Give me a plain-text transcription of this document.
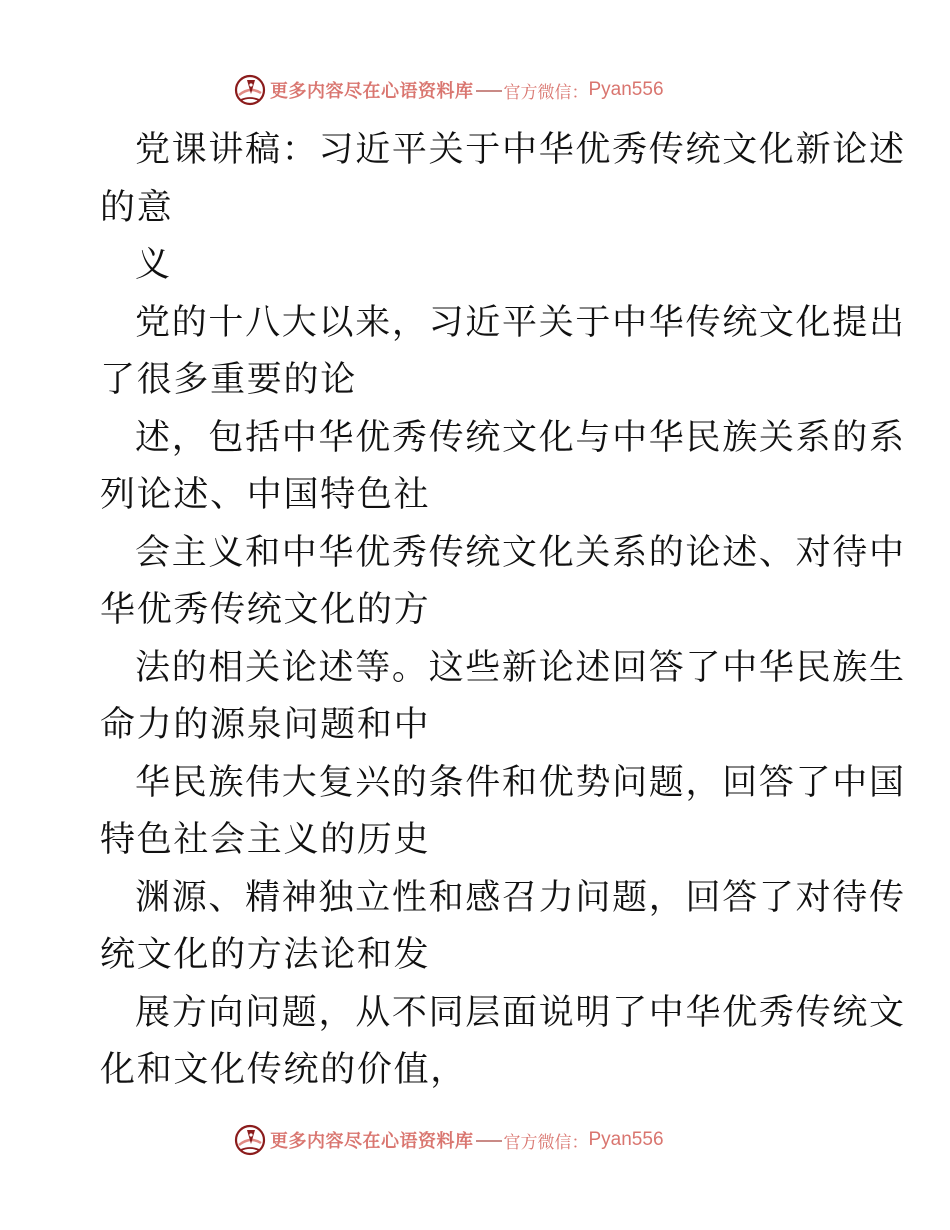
更多内容尽在心语资料库 官方微信： Pyan556
党课讲稿：习近平关于中华优秀传统文化新论述
的意
义
党的十八大以来，习近平关于中华传统文化提出
了很多重要的论
述，包括中华优秀传统文化与中华民族关系的系
列论述、中国特色社
会主义和中华优秀传统文化关系的论述、对待中
华优秀传统文化的方
法的相关论述等。这些新论述回答了中华民族生
命力的源泉问题和中
华民族伟大复兴的条件和优势问题，回答了中国
特色社会主义的历史
渊源、精神独立性和感召力问题，回答了对待传
统文化的方法论和发
展方向问题，从不同层面说明了中华优秀传统文
化和文化传统的价值，
更多内容尽在心语资料库 官方微信： Pyan556
